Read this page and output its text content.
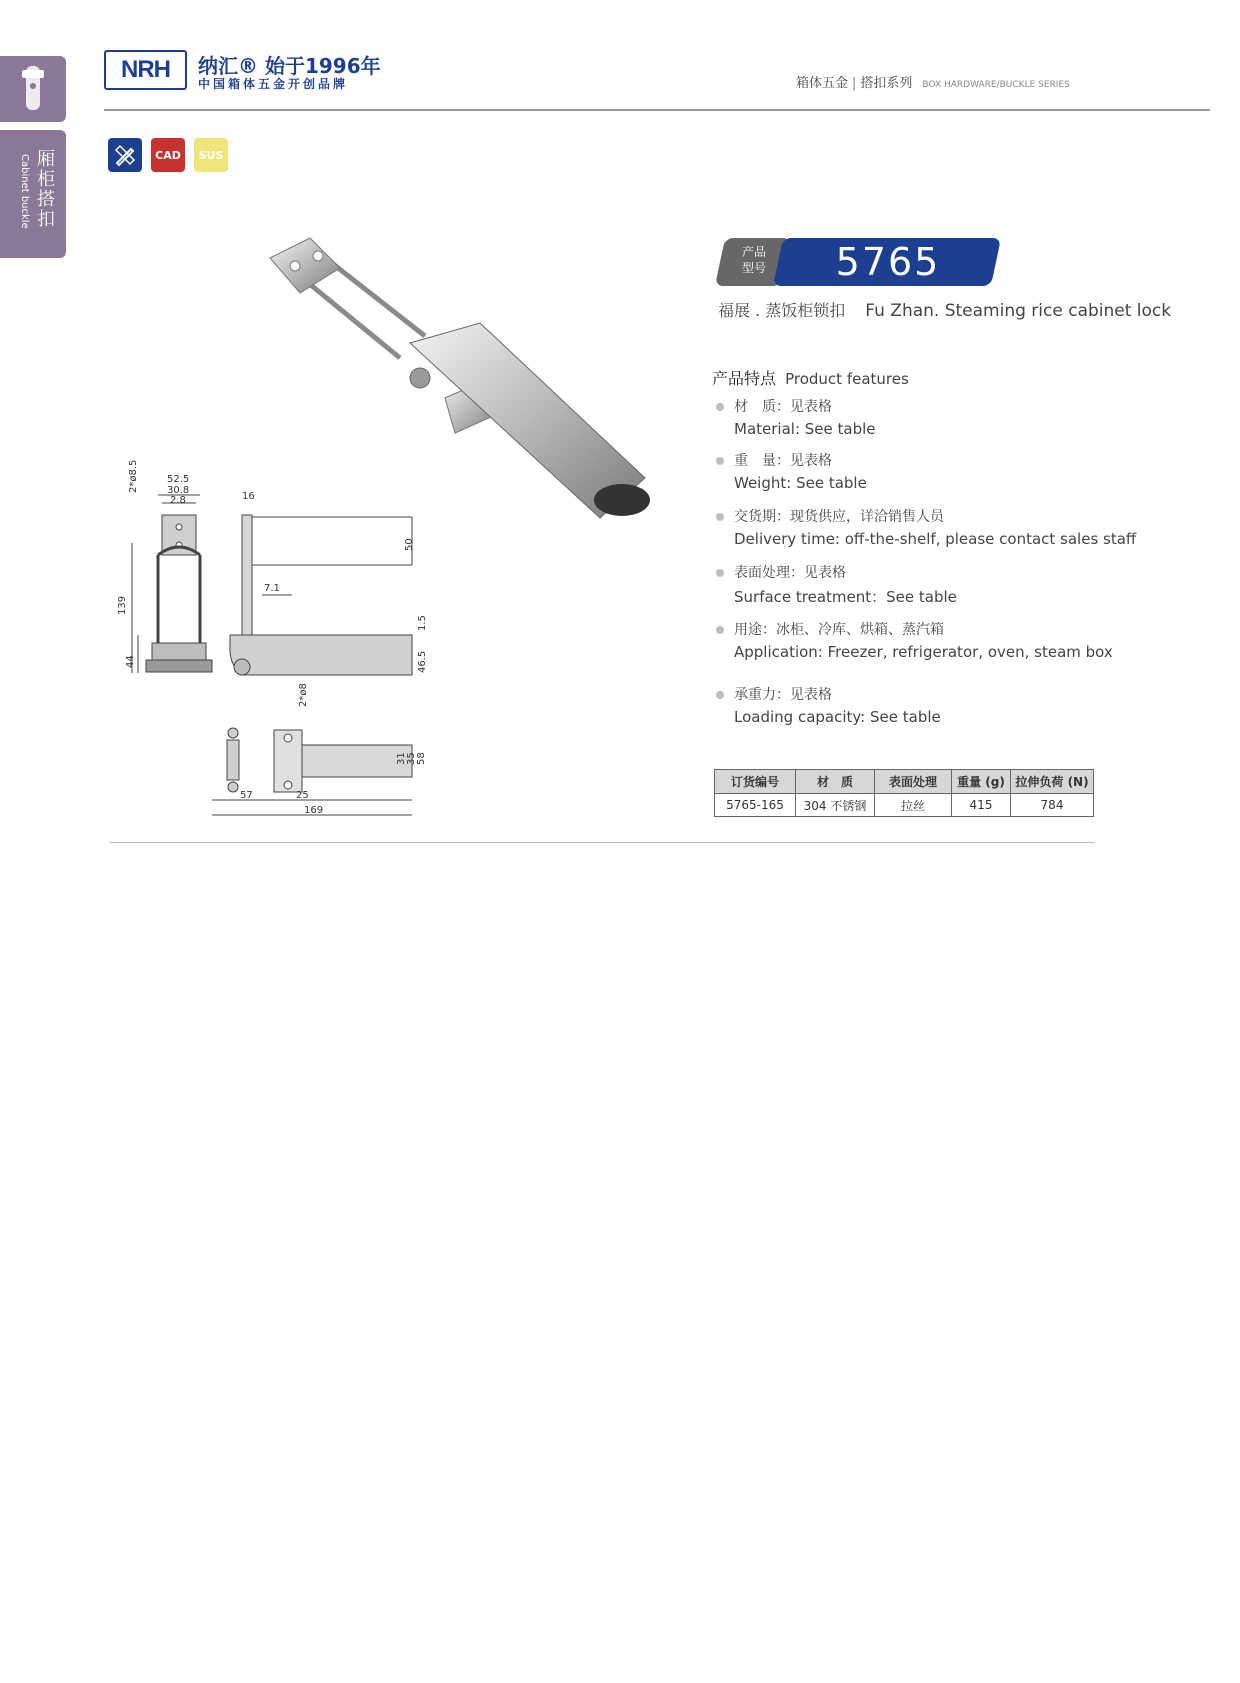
厢柜搭扣
Cabinet buckle
NRH	纳汇® 始于1996年
中国箱体五金开创品牌	箱体五金 | 搭扣系列 BOX HARDWARE/BUCKLE SERIES
CAD	SUS
2*ø8.5	52.5
30.8
2.8
139
44
16
50
7.1
1.5
46.5
2*ø8
31 35 58
57	25
169
产品
型号	5765
福展 . 蒸饭柜锁扣 Fu Zhan. Steaming rice cabinet lock
产品特点 Product features
材　质：见表格
Material: See table
重　量：见表格
Weight: See table
交货期：现货供应，详洽销售人员
Delivery time: off-the-shelf, please contact sales staff
表面处理：见表格
Surface treatment：See table
用途：冰柜、冷库、烘箱、蒸汽箱
Application: Freezer, refrigerator, oven, steam box
承重力：见表格
Loading capacity: See table
订货编号	材　质	表面处理	重量 (g)	拉伸负荷 (N)
5765-165	304 不锈钢	拉丝	415	784
